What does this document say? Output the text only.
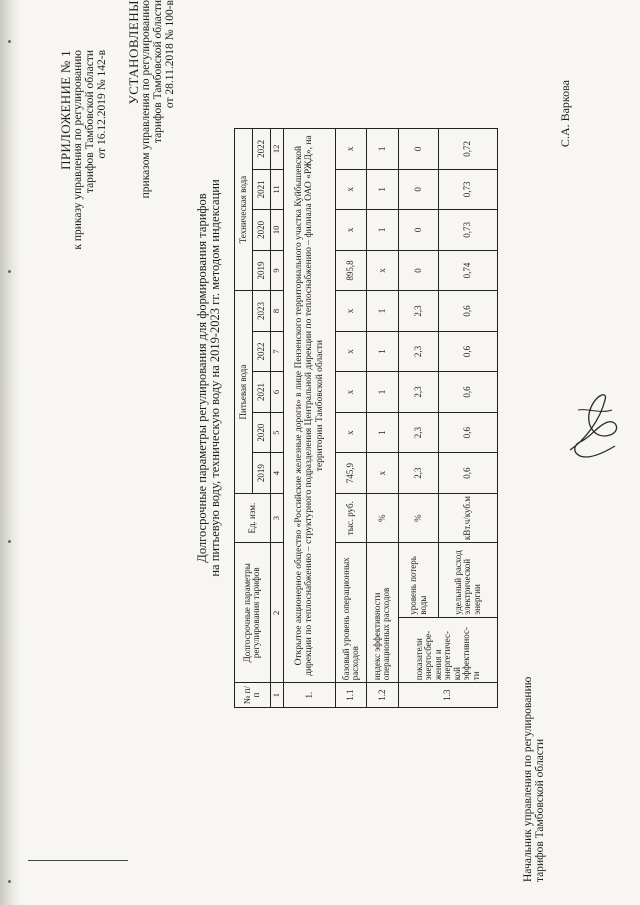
ПРИЛОЖЕНИЕ № 1 к приказу управления по регулированию тарифов Тамбовской области от 16.12.2019 № 142-в УСТАНОВЛЕНЫ приказом управления по регулированию тарифов Тамбовской области от 28.11.2018 № 100-в
Долгосрочные параметры регулирования для формирования тарифов на питьевую воду, техническую воду на 2019-2023 гг. методом индексации
№ п/п	Долгосрочные параметры регулирования тарифов		Ед. изм.	Питьевая вода					Техническая вода			
				2019	2020	2021	2022	2023	2019	2020	2021	2022
1	2		3	4	5	6	7	8	9	10	11	12
1.	Открытое акционерное общество «Российские железные дороги» в лице Пензенского территориального участка Куйбышевской дирекции по теплоснабжению – структурного подразделения Центральной дирекции по теплоснабжению – филиала ОАО «РЖД», на территории Тамбовской области											
1.1	базовый уровень операционных расходов		тыс. руб.	745,9	х	х	х	х	895,8	х	х	х
1.2	индекс эффективности операционных расходов		%	х	1	1	1	1	х	1	1	1
1.3	показатели энергосбере-жения и энергетичес-кой эффективнос-ти	уровень потерь воды	%	2,3	2,3	2,3	2,3	2,3	0	0	0	0
		удельный расход электрической энергии	кВт.ч/куб.м	0,6	0,6	0,6	0,6	0,6	0,74	0,73	0,73	0,72
Начальник управления по регулированию тарифов Тамбовской области
С.А. Варкова
